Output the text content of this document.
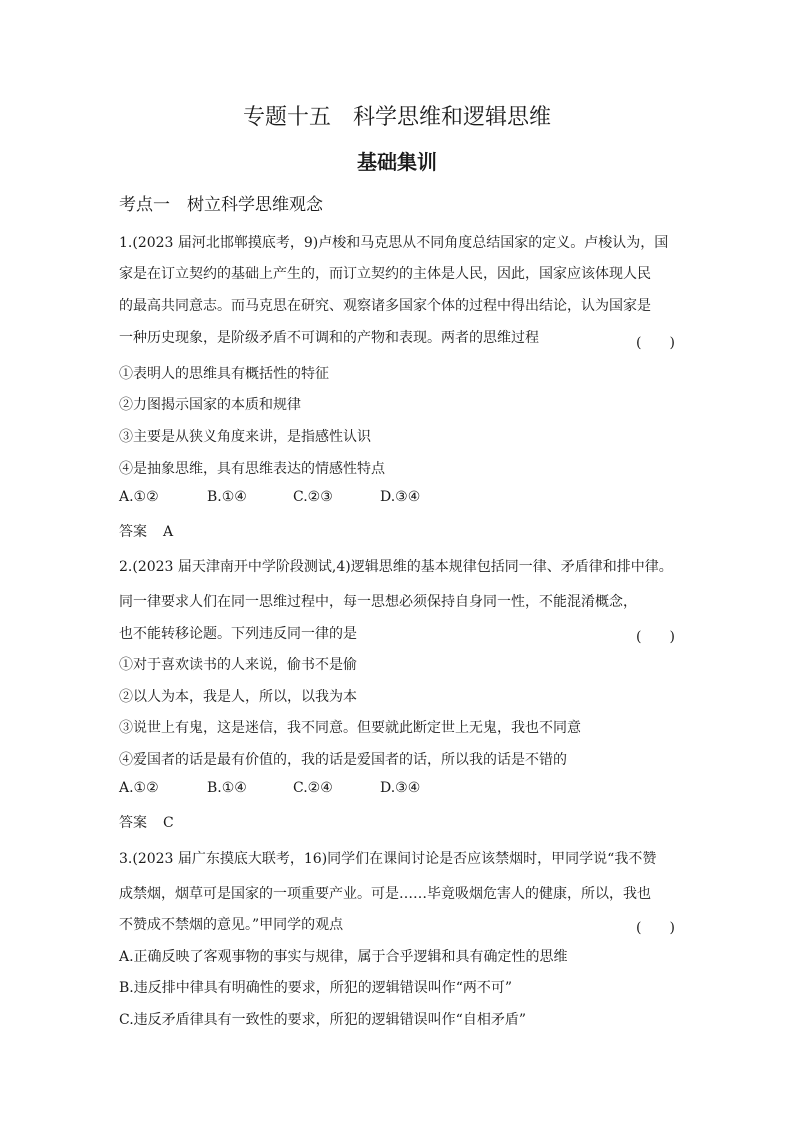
专题十五　科学思维和逻辑思维
基础集训
考点一　树立科学思维观念
1.(2023 届河北邯郸摸底考，9)卢梭和马克思从不同角度总结国家的定义。卢梭认为，国
家是在订立契约的基础上产生的，而订立契约的主体是人民，因此，国家应该体现人民
的最高共同意志。而马克思在研究、观察诸多国家个体的过程中得出结论，认为国家是
一种历史现象，是阶级矛盾不可调和的产物和表现。两者的思维过程	(　　)
①表明人的思维具有概括性的特征
②力图揭示国家的本质和规律
③主要是从狭义角度来讲，是指感性认识
④是抽象思维，具有思维表达的情感性特点
A.①②	B.①④	C.②③	D.③④
答案 A
2.(2023 届天津南开中学阶段测试,4)逻辑思维的基本规律包括同一律、矛盾律和排中律。
同一律要求人们在同一思维过程中，每一思想必须保持自身同一性，不能混淆概念，
也不能转移论题。下列违反同一律的是	(　　)
①对于喜欢读书的人来说，偷书不是偷
②以人为本，我是人，所以，以我为本
③说世上有鬼，这是迷信，我不同意。但要就此断定世上无鬼，我也不同意
④爱国者的话是最有价值的，我的话是爱国者的话，所以我的话是不错的
A.①②	B.①④	C.②④	D.③④
答案 C
3.(2023 届广东摸底大联考，16)同学们在课间讨论是否应该禁烟时，甲同学说“我不赞
成禁烟，烟草可是国家的一项重要产业。可是……毕竟吸烟危害人的健康，所以，我也
不赞成不禁烟的意见。”甲同学的观点	(　　)
A.正确反映了客观事物的事实与规律，属于合乎逻辑和具有确定性的思维
B.违反排中律具有明确性的要求，所犯的逻辑错误叫作“两不可”
C.违反矛盾律具有一致性的要求，所犯的逻辑错误叫作“自相矛盾”
